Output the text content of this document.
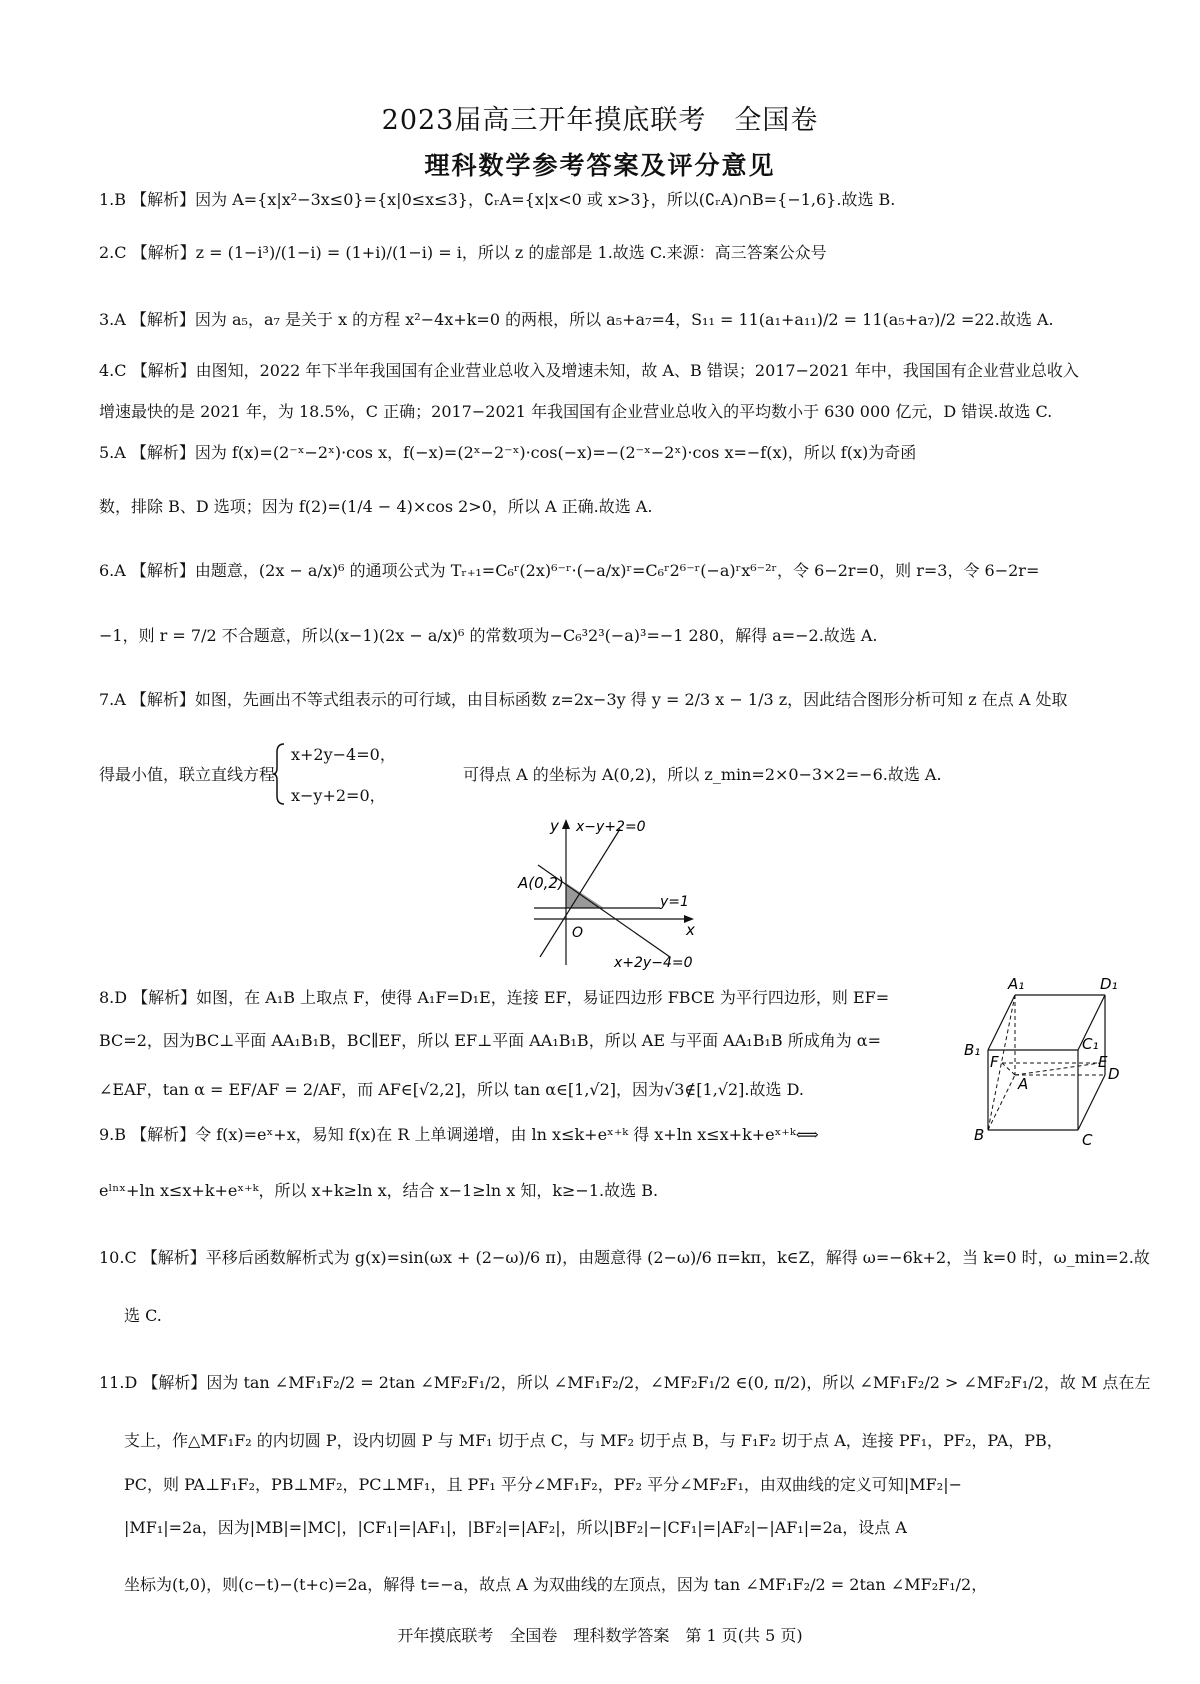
2023届高三开年摸底联考　全国卷
理科数学参考答案及评分意见
1.B 【解析】因为 A={x|x²−3x≤0}={x|0≤x≤3}，∁ᵣA={x|x<0 或 x>3}，所以(∁ᵣA)∩B={−1,6}.故选 B.
2.C 【解析】z = (1−i³)/(1−i) = (1+i)/(1−i) = i，所以 z 的虚部是 1.故选 C.来源：高三答案公众号
3.A 【解析】因为 a₅，a₇ 是关于 x 的方程 x²−4x+k=0 的两根，所以 a₅+a₇=4，S₁₁ = 11(a₁+a₁₁)/2 = 11(a₅+a₇)/2 =22.故选 A.
4.C 【解析】由图知，2022 年下半年我国国有企业营业总收入及增速未知，故 A、B 错误；2017−2021 年中，我国国有企业营业总收入
增速最快的是 2021 年，为 18.5%，C 正确；2017−2021 年我国国有企业营业总收入的平均数小于 630 000 亿元，D 错误.故选 C.
5.A 【解析】因为 f(x)=(2⁻ˣ−2ˣ)·cos x，f(−x)=(2ˣ−2⁻ˣ)·cos(−x)=−(2⁻ˣ−2ˣ)·cos x=−f(x)，所以 f(x)为奇函
数，排除 B、D 选项；因为 f(2)=(1/4 − 4)×cos 2>0，所以 A 正确.故选 A.
6.A 【解析】由题意，(2x − a/x)⁶ 的通项公式为 Tᵣ₊₁=C₆ʳ(2x)⁶⁻ʳ·(−a/x)ʳ=C₆ʳ2⁶⁻ʳ(−a)ʳx⁶⁻²ʳ，令 6−2r=0，则 r=3，令 6−2r=
−1，则 r = 7/2 不合题意，所以(x−1)(2x − a/x)⁶ 的常数项为−C₆³2³(−a)³=−1 280，解得 a=−2.故选 A.
7.A 【解析】如图，先画出不等式组表示的可行域，由目标函数 z=2x−3y 得 y = 2/3 x − 1/3 z，因此结合图形分析可知 z 在点 A 处取
得最小值，联立直线方程
x+2y−4=0，
x−y+2=0，
可得点 A 的坐标为 A(0,2)，所以 z_min=2×0−3×2=−6.故选 A.
y x−y+2=0
A(0,2)
y=1
O	x
x+2y−4=0
8.D 【解析】如图，在 A₁B 上取点 F，使得 A₁F=D₁E，连接 EF，易证四边形 FBCE 为平行四边形，则 EF=
BC=2，因为BC⊥平面 AA₁B₁B，BC∥EF，所以 EF⊥平面 AA₁B₁B，所以 AE 与平面 AA₁B₁B 所成角为 α=
∠EAF，tan α = EF/AF = 2/AF，而 AF∈[√2,2]，所以 tan α∈[1,√2]，因为√3∉[1,√2].故选 D.
A₁	D₁
B₁	C₁
F	E
D
A
B	C
9.B 【解析】令 f(x)=eˣ+x，易知 f(x)在 R 上单调递增，由 ln x≤k+eˣ⁺ᵏ 得 x+ln x≤x+k+eˣ⁺ᵏ⟺
eˡⁿˣ+ln x≤x+k+eˣ⁺ᵏ，所以 x+k≥ln x，结合 x−1≥ln x 知，k≥−1.故选 B.
10.C 【解析】平移后函数解析式为 g(x)=sin(ωx + (2−ω)/6 π)，由题意得 (2−ω)/6 π=kπ，k∈Z，解得 ω=−6k+2，当 k=0 时，ω_min=2.故
选 C.
11.D 【解析】因为 tan ∠MF₁F₂/2 = 2tan ∠MF₂F₁/2，所以 ∠MF₁F₂/2，∠MF₂F₁/2 ∈(0, π/2)，所以 ∠MF₁F₂/2 > ∠MF₂F₁/2，故 M 点在左
支上，作△MF₁F₂ 的内切圆 P，设内切圆 P 与 MF₁ 切于点 C，与 MF₂ 切于点 B，与 F₁F₂ 切于点 A，连接 PF₁，PF₂，PA，PB，
PC，则 PA⊥F₁F₂，PB⊥MF₂，PC⊥MF₁，且 PF₁ 平分∠MF₁F₂，PF₂ 平分∠MF₂F₁，由双曲线的定义可知|MF₂|−
|MF₁|=2a，因为|MB|=|MC|，|CF₁|=|AF₁|，|BF₂|=|AF₂|，所以|BF₂|−|CF₁|=|AF₂|−|AF₁|=2a，设点 A
坐标为(t,0)，则(c−t)−(t+c)=2a，解得 t=−a，故点 A 为双曲线的左顶点，因为 tan ∠MF₁F₂/2 = 2tan ∠MF₂F₁/2，
开年摸底联考　全国卷　理科数学答案　第 1 页(共 5 页)
